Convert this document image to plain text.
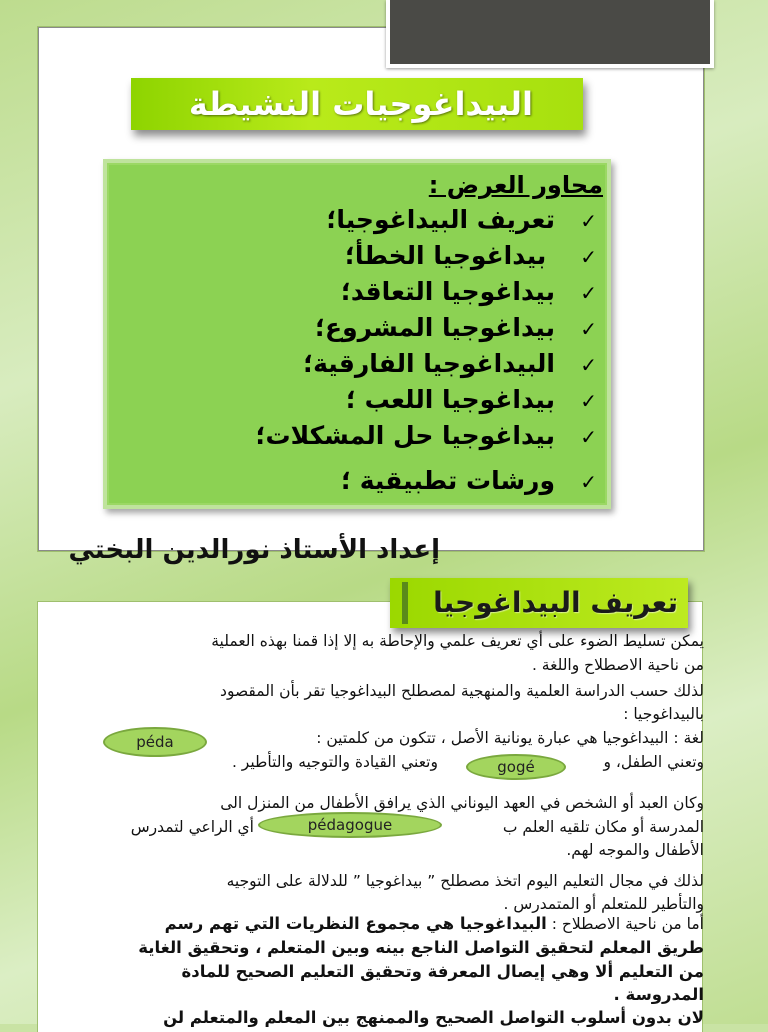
البيداغوجيات النشيطة
محاور العرض :
✓تعريف البيداغوجيا؛
✓ بيداغوجيا الخطأ؛
✓بيداغوجيا التعاقد؛
✓بيداغوجيا المشروع؛
✓البيداغوجيا الفارقية؛
✓بيداغوجيا اللعب ؛
✓بيداغوجيا حل المشكلات؛
✓ورشات تطبيقية ؛
إعداد الأستاذ نورالدين البختي
تعريف البيداغوجيا
يمكن تسليط الضوء على أي تعريف علمي والإحاطة به إلا إذا قمنا بهذه العملية
من ناحية الاصطلاح واللغة .
لذلك حسب الدراسة العلمية والمنهجية لمصطلح البيداغوجيا تقر بأن المقصود
بالبيداغوجيا :
لغة : البيداغوجيا هي عبارة يونانية الأصل ، تتكون من كلمتين :
وتعني الطفل، و
وتعني القيادة والتوجيه والتأطير .
péda
gogé
وكان العبد أو الشخص في العهد اليوناني الذي يرافق الأطفال من المنزل الى
المدرسة أو مكان تلقيه العلم ب
أي الراعي لتمدرس	pédagogue
الأطفال والموجه لهم.
لذلك في مجال التعليم اليوم اتخذ مصطلح ” بيداغوجيا ” للدلالة على التوجيه
والتأطير للمتعلم أو المتمدرس .
أما من ناحية الاصطلاح : البيداغوجيا هي مجموع النظريات التي تهم رسم
طريق المعلم لتحقيق التواصل الناجع بينه وبين المتعلم ، وتحقيق الغاية
من التعليم ألا وهي إيصال المعرفة وتحقيق التعليم الصحيح للمادة
المدروسة .
لان بدون أسلوب التواصل الصحيح والممنهج بين المعلم والمتعلم لن
